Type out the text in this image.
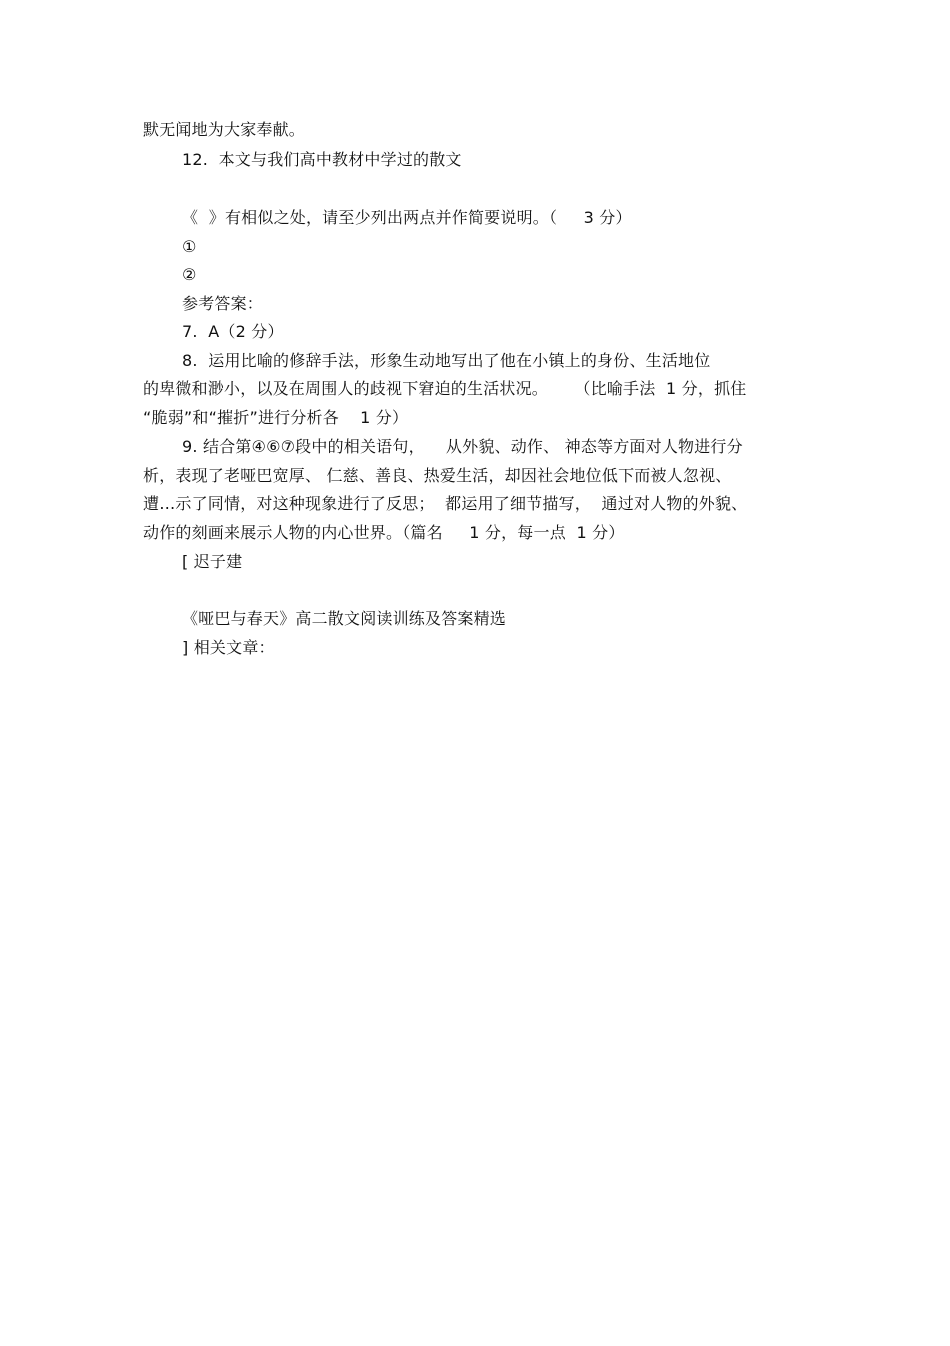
默无闻地为大家奉献。
12.  本文与我们高中教材中学过的散文
《  》有相似之处，请至少列出两点并作简要说明。（     3 分）
①
②
参考答案：
7.  A（2 分）
8.  运用比喻的修辞手法，形象生动地写出了他在小镇上的身份、生活地位
的卑微和渺小，以及在周围人的歧视下窘迫的生活状况。     （比喻手法  1 分，抓住
“脆弱”和“摧折”进行分析各    1 分）
9. 结合第④⑥⑦段中的相关语句，    从外貌、动作、 神态等方面对人物进行分
析，表现了老哑巴宽厚、 仁慈、善良、热爱生活，却因社会地位低下而被人忽视、
遭…示了同情，对这种现象进行了反思；  都运用了细节描写，  通过对人物的外貌、
动作的刻画来展示人物的内心世界。（篇名     1 分，每一点  1 分）
[ 迟子建
《哑巴与春天》高二散文阅读训练及答案精选
] 相关文章：
